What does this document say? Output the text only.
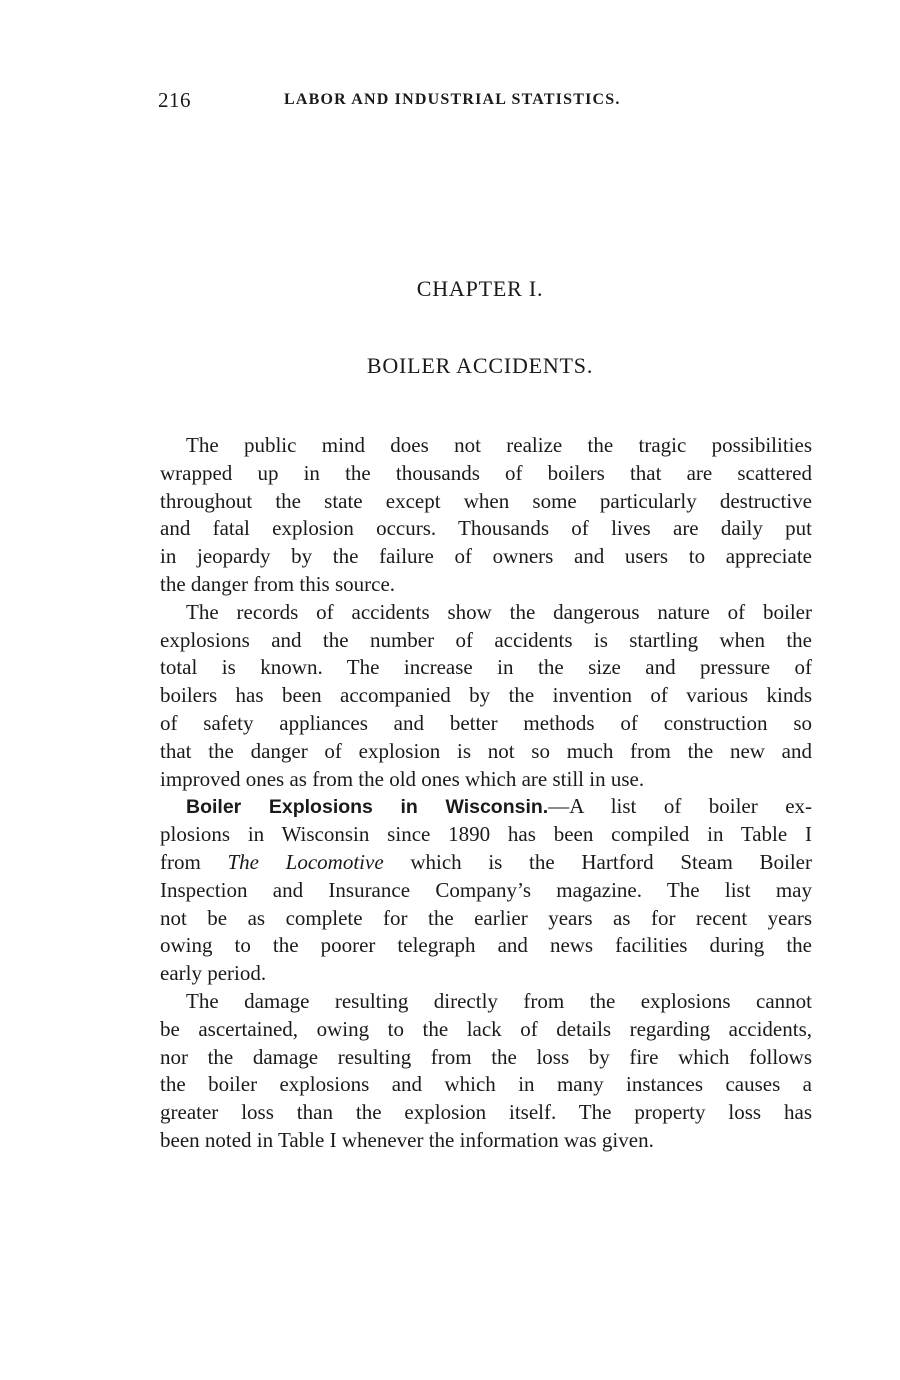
216	LABOR AND INDUSTRIAL STATISTICS.
CHAPTER I.
BOILER ACCIDENTS.
The public mind does not realize the tragic possibilities
wrapped up in the thousands of boilers that are scattered
throughout the state except when some particularly destructive
and fatal explosion occurs. Thousands of lives are daily put
in jeopardy by the failure of owners and users to appreciate
the danger from this source.
The records of accidents show the dangerous nature of boiler
explosions and the number of accidents is startling when the
total is known. The increase in the size and pressure of
boilers has been accompanied by the invention of various kinds
of safety appliances and better methods of construction so
that the danger of explosion is not so much from the new and
improved ones as from the old ones which are still in use.
Boiler Explosions in Wisconsin.—A list of boiler ex-
plosions in Wisconsin since 1890 has been compiled in Table I
from The Locomotive which is the Hartford Steam Boiler
Inspection and Insurance Company’s magazine. The list may
not be as complete for the earlier years as for recent years
owing to the poorer telegraph and news facilities during the
early period.
The damage resulting directly from the explosions cannot
be ascertained, owing to the lack of details regarding accidents,
nor the damage resulting from the loss by fire which follows
the boiler explosions and which in many instances causes a
greater loss than the explosion itself. The property loss has
been noted in Table I whenever the information was given.
